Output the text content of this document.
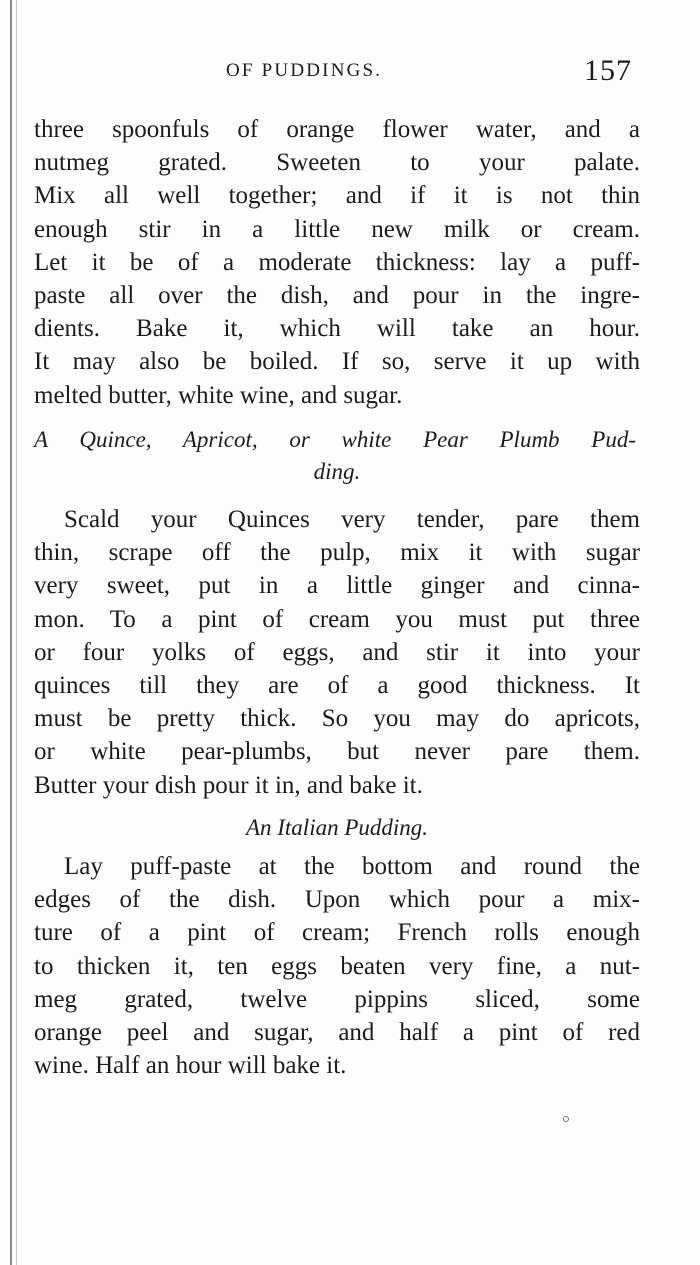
OF PUDDINGS.	157
three spoonfuls of orange flower water, and a
nutmeg grated. Sweeten to your palate.
Mix all well together; and if it is not thin
enough stir in a little new milk or cream.
Let it be of a moderate thickness: lay a puff-
paste all over the dish, and pour in the ingre-
dients. Bake it, which will take an hour.
It may also be boiled. If so, serve it up with
melted butter, white wine, and sugar.
A Quince, Apricot, or white Pear Plumb Pud-
ding.
Scald your Quinces very tender, pare them
thin, scrape off the pulp, mix it with sugar
very sweet, put in a little ginger and cinna-
mon. To a pint of cream you must put three
or four yolks of eggs, and stir it into your
quinces till they are of a good thickness. It
must be pretty thick. So you may do apricots,
or white pear-plumbs, but never pare them.
Butter your dish pour it in, and bake it.
An Italian Pudding.
Lay puff-paste at the bottom and round the
edges of the dish. Upon which pour a mix-
ture of a pint of cream; French rolls enough
to thicken it, ten eggs beaten very fine, a nut-
meg grated, twelve pippins sliced, some
orange peel and sugar, and half a pint of red
wine. Half an hour will bake it.
